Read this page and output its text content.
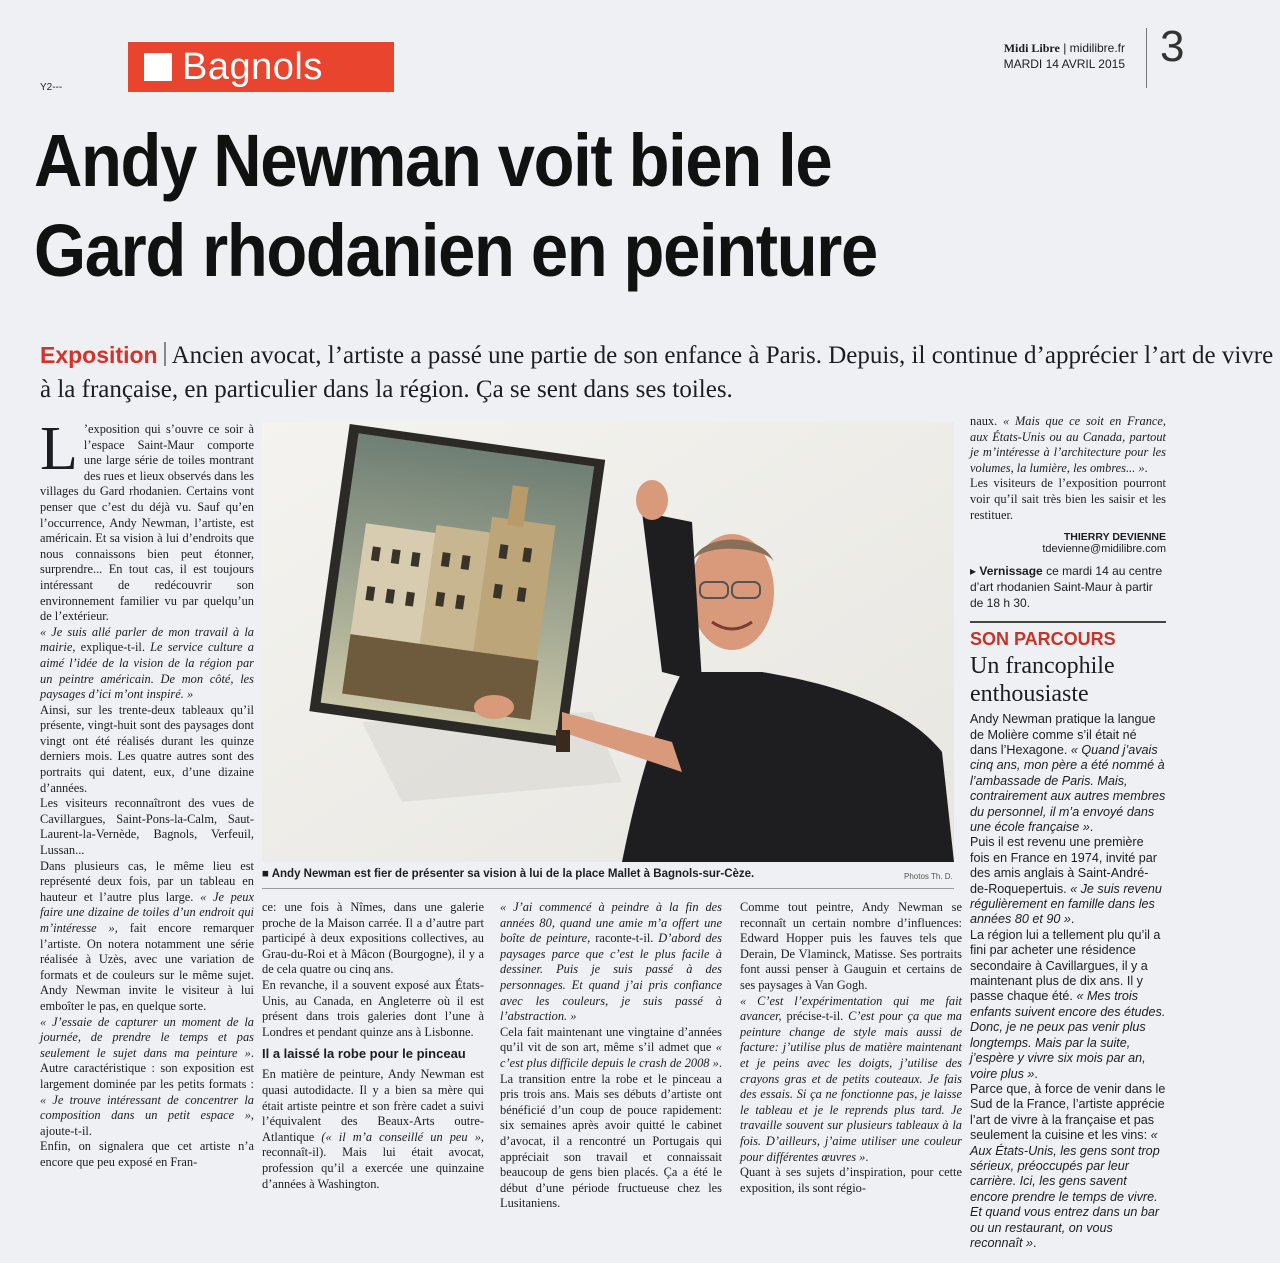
Bagnols	Midi Libre | midilibre.fr
MARDI 14 AVRIL 2015 3
Y2---
Andy Newman voit bien le
Gard rhodanien en peinture
Exposition Ancien avocat, l’artiste a passé une partie de son enfance à Paris. Depuis, il continue d’apprécier l’art de vivre à la française, en particulier dans la région. Ça se sent dans ses toiles.

L ’exposition qui s’ouvre ce soir à l’espace Saint-Maur comporte une large série de toiles montrant des rues et lieux observés dans les villages du Gard rhodanien. Certains vont penser que c’est du déjà vu. Sauf qu’en l’occurrence, Andy Newman, l’artiste, est américain. Et sa vision à lui d’endroits que nous connaissons bien peut étonner, surprendre... En tout cas, il est toujours intéressant de redécouvrir son environnement familier vu par quelqu’un de l’extérieur.

« Je suis allé parler de mon travail à la mairie, explique-t-il. Le service culture a aimé l’idée de la vision de la région par un peintre américain. De mon côté, les paysages d’ici m’ont inspiré. »

Ainsi, sur les trente-deux tableaux qu’il présente, vingt-huit sont des paysages dont vingt ont été réalisés durant les quinze derniers mois. Les quatre autres sont des portraits qui datent, eux, d’une dizaine d’années.

Les visiteurs reconnaîtront des vues de Cavillargues, Saint-Pons-la-Calm, Saut-Laurent-la-Vernède, Bagnols, Verfeuil, Lussan...

Dans plusieurs cas, le même lieu est représenté deux fois, par un tableau en hauteur et l’autre plus large. « Je peux faire une dizaine de toiles d’un endroit qui m’intéresse », fait encore remarquer l’artiste. On notera notamment une série réalisée à Uzès, avec une variation de formats et de couleurs sur le même sujet. Andy Newman invite le visiteur à lui emboîter le pas, en quelque sorte.

« J’essaie de capturer un moment de la journée, de prendre le temps et pas seulement le sujet dans ma peinture ». Autre caractéristique : son exposition est largement dominée par les petits formats : « Je trouve intéressant de concentrer la composition dans un petit espace », ajoute-t-il.

Enfin, on signalera que cet artiste n’a encore que peu exposé en Fran-

■ Andy Newman est fier de présenter sa vision à lui de la place Mallet à Bagnols-sur-Cèze.	Photos Th. D.

ce: une fois à Nîmes, dans une galerie proche de la Maison carrée. Il a d’autre part participé à deux expositions collectives, au Grau-du-Roi et à Mâcon (Bourgogne), il y a de cela quatre ou cinq ans.

En revanche, il a souvent exposé aux États-Unis, au Canada, en Angleterre où il est présent dans trois galeries dont l’une à Londres et pendant quinze ans à Lisbonne.

Il a laissé la robe pour le pinceau

En matière de peinture, Andy Newman est quasi autodidacte. Il y a bien sa mère qui était artiste peintre et son frère cadet a suivi l’équivalent des Beaux-Arts outre-Atlantique (« il m’a conseillé un peu », reconnaît-il). Mais lui était avocat, profession qu’il a exercée une quinzaine d’années à Washington.

« J’ai commencé à peindre à la fin des années 80, quand une amie m’a offert une boîte de peinture, raconte-t-il. D’abord des paysages parce que c’est le plus facile à dessiner. Puis je suis passé à des personnages. Et quand j’ai pris confiance avec les couleurs, je suis passé à l’abstraction. »

Cela fait maintenant une vingtaine d’années qu’il vit de son art, même s’il admet que « c’est plus difficile depuis le crash de 2008 ». La transition entre la robe et le pinceau a pris trois ans. Mais ses débuts d’artiste ont bénéficié d’un coup de pouce rapidement: six semaines après avoir quitté le cabinet d’avocat, il a rencontré un Portugais qui appréciait son travail et connaissait beaucoup de gens bien placés. Ça a été le début d’une période fructueuse chez les Lusitaniens.

Comme tout peintre, Andy Newman se reconnaît un certain nombre d’influences: Edward Hopper puis les fauves tels que Derain, De Vlaminck, Matisse. Ses portraits font aussi penser à Gauguin et certains de ses paysages à Van Gogh.

« C’est l’expérimentation qui me fait avancer, précise-t-il. C’est pour ça que ma peinture change de style mais aussi de facture: j’utilise plus de matière maintenant et je peins avec les doigts, j’utilise des crayons gras et de petits couteaux. Je fais des essais. Si ça ne fonctionne pas, je laisse le tableau et je le reprends plus tard. Je travaille souvent sur plusieurs tableaux à la fois. D’ailleurs, j’aime utiliser une couleur pour différentes œuvres ».

Quant à ses sujets d’inspiration, pour cette exposition, ils sont régio-

naux. « Mais que ce soit en France, aux États-Unis ou au Canada, partout je m’intéresse à l’architecture pour les volumes, la lumière, les ombres... ».

Les visiteurs de l’exposition pourront voir qu’il sait très bien les saisir et les restituer.

THIERRY DEVIENNE
tdevienne@midilibre.com
▸ Vernissage ce mardi 14 au centre d’art rhodanien Saint-Maur à partir de 18 h 30.
SON PARCOURS
Un francophile enthousiaste

Andy Newman pratique la langue de Molière comme s’il était né dans l’Hexagone. « Quand j’avais cinq ans, mon père a été nommé à l’ambassade de Paris. Mais, contrairement aux autres membres du personnel, il m’a envoyé dans une école française ».

Puis il est revenu une première fois en France en 1974, invité par des amis anglais à Saint-André-de-Roquepertuis. « Je suis revenu régulièrement en famille dans les années 80 et 90 ».

La région lui a tellement plu qu’il a fini par acheter une résidence secondaire à Cavillargues, il y a maintenant plus de dix ans. Il y passe chaque été. « Mes trois enfants suivent encore des études. Donc, je ne peux pas venir plus longtemps. Mais par la suite, j’espère y vivre six mois par an, voire plus ».

Parce que, à force de venir dans le Sud de la France, l’artiste apprécie l’art de vivre à la française et pas seulement la cuisine et les vins: « Aux États-Unis, les gens sont trop sérieux, préoccupés par leur carrière. Ici, les gens savent encore prendre le temps de vivre. Et quand vous entrez dans un bar ou un restaurant, on vous reconnaît ».
